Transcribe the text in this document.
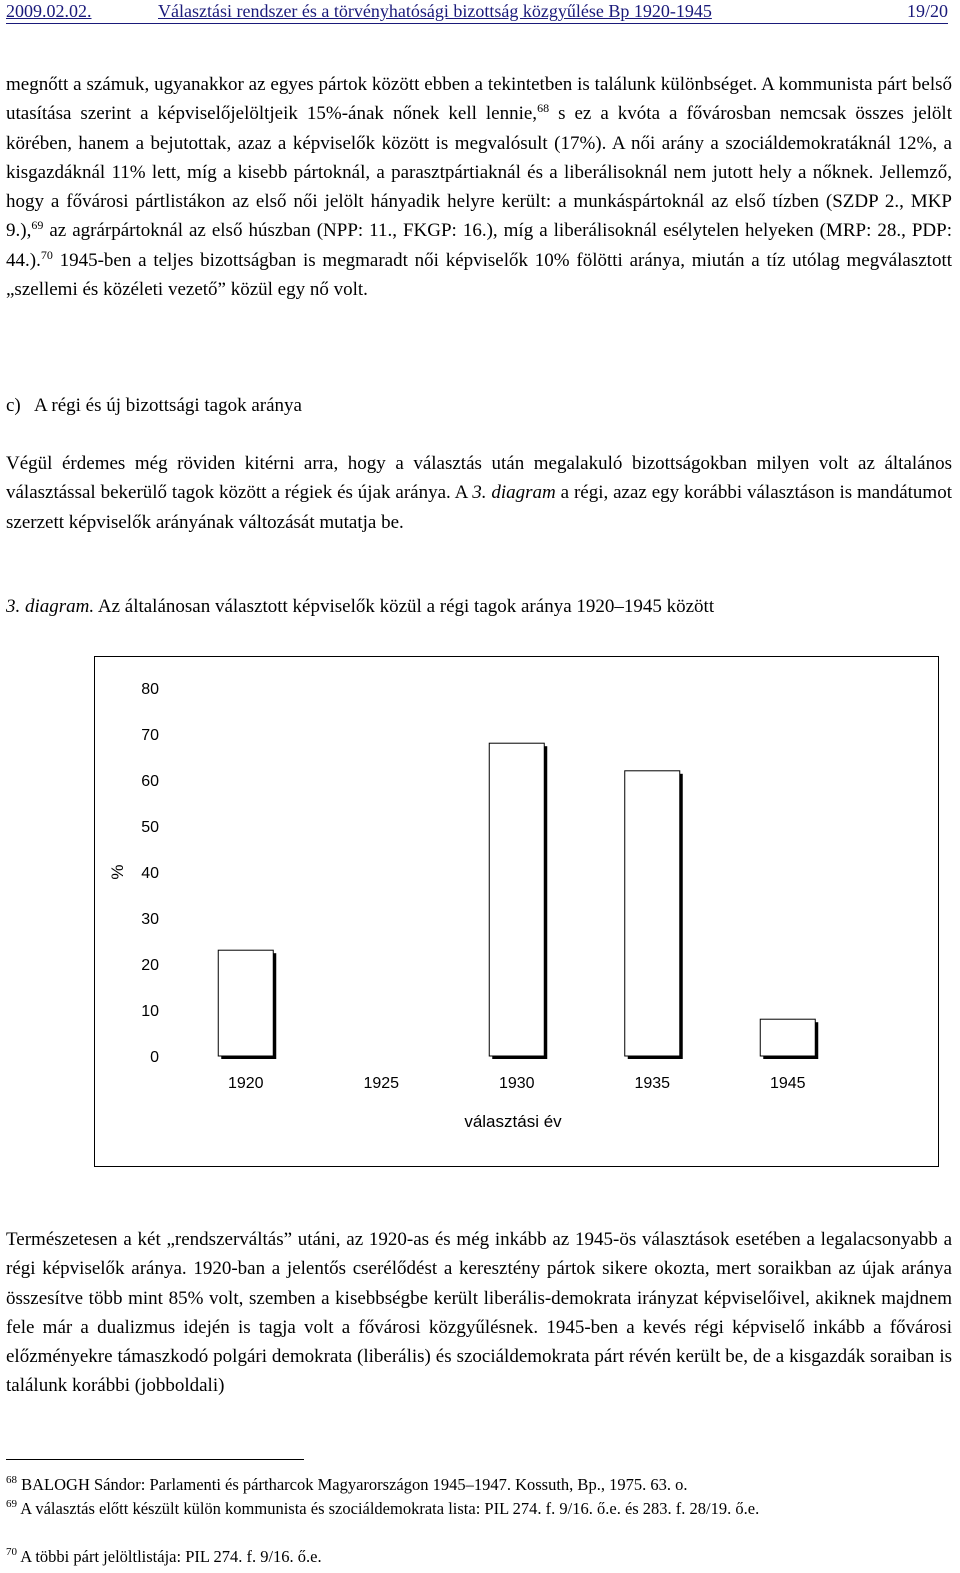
2009.02.02.	Választási rendszer és a törvényhatósági bizottság közgyűlése Bp 1920-1945	19/20
megnőtt a számuk, ugyanakkor az egyes pártok között ebben a tekintetben is találunk különbséget. A kommunista párt belső utasítása szerint a képviselőjelöltjeik 15%-ának nőnek kell lennie,$^{68}$ s ez a kvóta a fővárosban nemcsak összes jelölt körében, hanem a bejutottak, azaz a képviselők között is megvalósult (17%). A női arány a szociáldemokratáknál 12%, a kisgazdáknál 11% lett, míg a kisebb pártoknál, a parasztpártiaknál és a liberálisoknál nem jutott hely a nőknek. Jellemző, hogy a fővárosi pártlistákon az első női jelölt hányadik helyre került: a munkáspártoknál az első tízben (SZDP 2., MKP 9.),$^{69}$ az agrárpártoknál az első húszban (NPP: 11., FKGP: 16.), míg a liberálisoknál esélytelen helyeken (MRP: 28., PDP: 44.).$^{70}$ 1945-ben a teljes bizottságban is megmaradt női képviselők 10% fölötti aránya, miután a tíz utólag megválasztott „szellemi és közéleti vezető” közül egy nő volt.
c)   A régi és új bizottsági tagok aránya
Végül érdemes még röviden kitérni arra, hogy a választás után megalakuló bizottságokban milyen volt az általános választással bekerülő tagok között a régiek és újak aránya. A 3. diagram a régi, azaz egy korábbi választáson is mandátumot szerzett képviselők arányának változását mutatja be.
3. diagram. Az általánosan választott képviselők közül a régi tagok aránya 1920–1945 között
0
10
20
30
40
50
60
70
80
%
1920	1925	1930	1935	1945
választási év
Természetesen a két „rendszerváltás” utáni, az 1920-as és még inkább az 1945-ös választások esetében a legalacsonyabb a régi képviselők aránya. 1920-ban a jelentős cserélődést a keresztény pártok sikere okozta, mert soraikban az újak aránya összesítve több mint 85% volt, szemben a kisebbségbe került liberális-demokrata irányzat képviselőivel, akiknek majdnem fele már a dualizmus idején is tagja volt a fővárosi közgyűlésnek. 1945-ben a kevés régi képviselő inkább a fővárosi előzményekre támaszkodó polgári demokrata (liberális) és szociáldemokrata párt révén került be, de a kisgazdák soraiban is találunk korábbi (jobboldali)
$^{68}$ BALOGH Sándor: Parlamenti és pártharcok Magyarországon 1945–1947. Kossuth, Bp., 1975. 63. o.
$^{69}$ A választás előtt készült külön kommunista és szociáldemokrata lista: PIL 274. f. 9/16. ő.e. és 283. f. 28/19. ő.e.
$^{70}$ A többi párt jelöltlistája: PIL 274. f. 9/16. ő.e.
